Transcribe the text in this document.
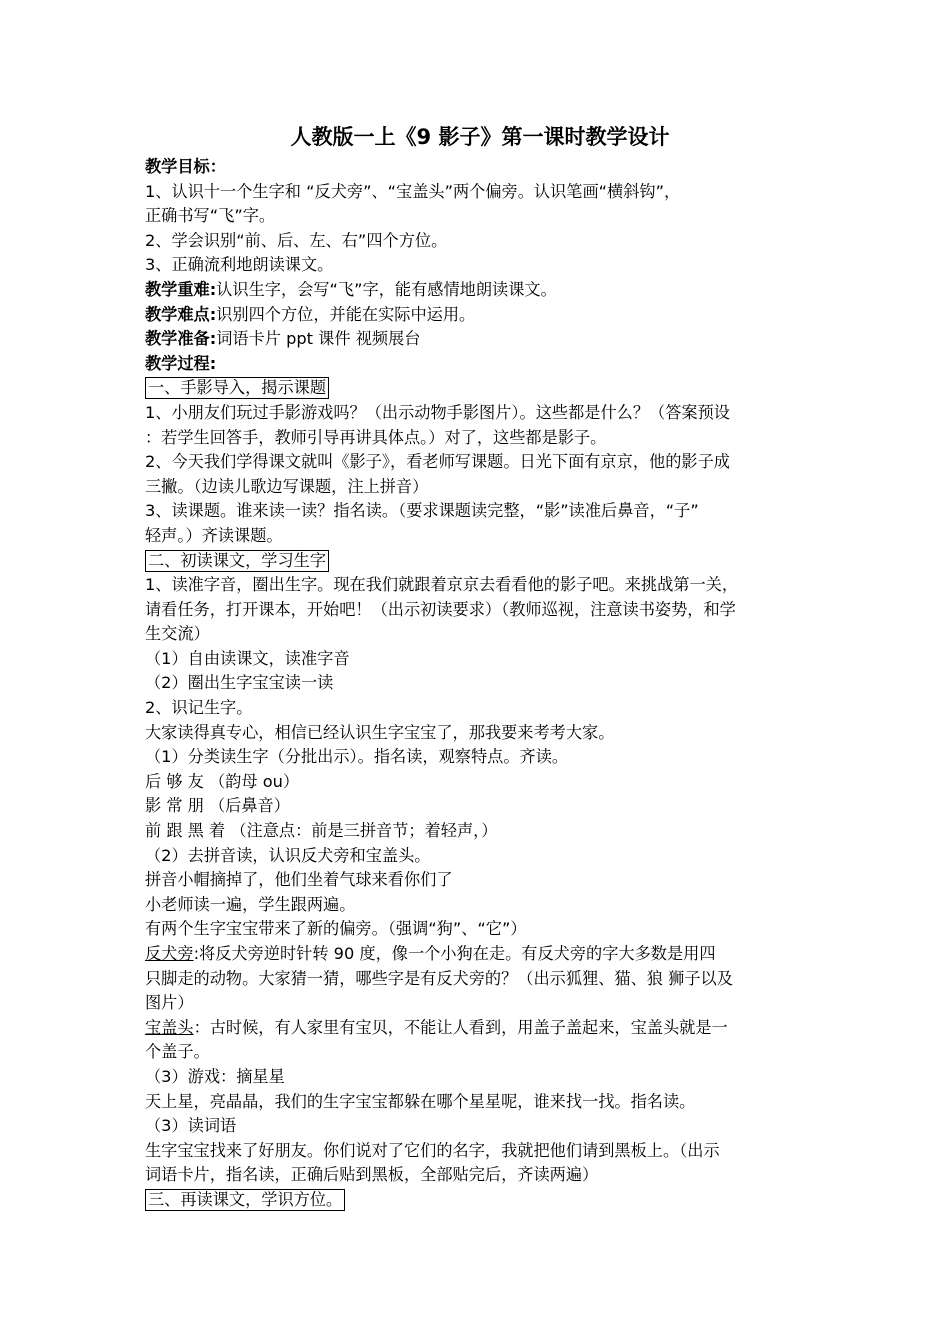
人教版一上《9 影子》第一课时教学设计
教学目标：
1、认识十一个生字和 “反犬旁”、“宝盖头”两个偏旁。认识笔画“横斜钩”，
正确书写“飞”字。
2、学会识别“前、后、左、右”四个方位。
3、正确流利地朗读课文。
教学重难:认识生字，会写“飞”字，能有感情地朗读课文。
教学难点:识别四个方位，并能在实际中运用。
教学准备:词语卡片 ppt 课件 视频展台
教学过程:
一、手影导入，揭示课题
1、小朋友们玩过手影游戏吗？（出示动物手影图片）。这些都是什么？（答案预设
：若学生回答手，教师引导再讲具体点。）对了，这些都是影子。
2、今天我们学得课文就叫《影子》，看老师写课题。日光下面有京京，他的影子成
三撇。（边读儿歌边写课题，注上拼音）
3、读课题。谁来读一读？指名读。（要求课题读完整，“影”读准后鼻音，“子”
轻声。）齐读课题。
二、初读课文，学习生字
1、读准字音，圈出生字。现在我们就跟着京京去看看他的影子吧。来挑战第一关，
请看任务，打开课本，开始吧！（出示初读要求）（教师巡视，注意读书姿势，和学
生交流）
（1）自由读课文，读准字音
（2）圈出生字宝宝读一读
2、识记生字。
大家读得真专心，相信已经认识生字宝宝了，那我要来考考大家。
（1）分类读生字（分批出示）。指名读，观察特点。齐读。
后 够 友 （韵母 ou）
影 常 朋 （后鼻音）
前 跟 黑 着 （注意点：前是三拼音节；着轻声，）
（2）去拼音读，认识反犬旁和宝盖头。
拼音小帽摘掉了，他们坐着气球来看你们了
小老师读一遍，学生跟两遍。
有两个生字宝宝带来了新的偏旁。（强调“狗”、“它”）
反犬旁:将反犬旁逆时针转 90 度，像一个小狗在走。有反犬旁的字大多数是用四
只脚走的动物。大家猜一猜，哪些字是有反犬旁的？（出示狐狸、猫、狼 狮子以及
图片）
宝盖头：古时候，有人家里有宝贝，不能让人看到，用盖子盖起来，宝盖头就是一
个盖子。
（3）游戏：摘星星
天上星，亮晶晶，我们的生字宝宝都躲在哪个星星呢，谁来找一找。指名读。
（3）读词语
生字宝宝找来了好朋友。你们说对了它们的名字，我就把他们请到黑板上。（出示
词语卡片，指名读，正确后贴到黑板，全部贴完后，齐读两遍）
三、再读课文，学识方位。
